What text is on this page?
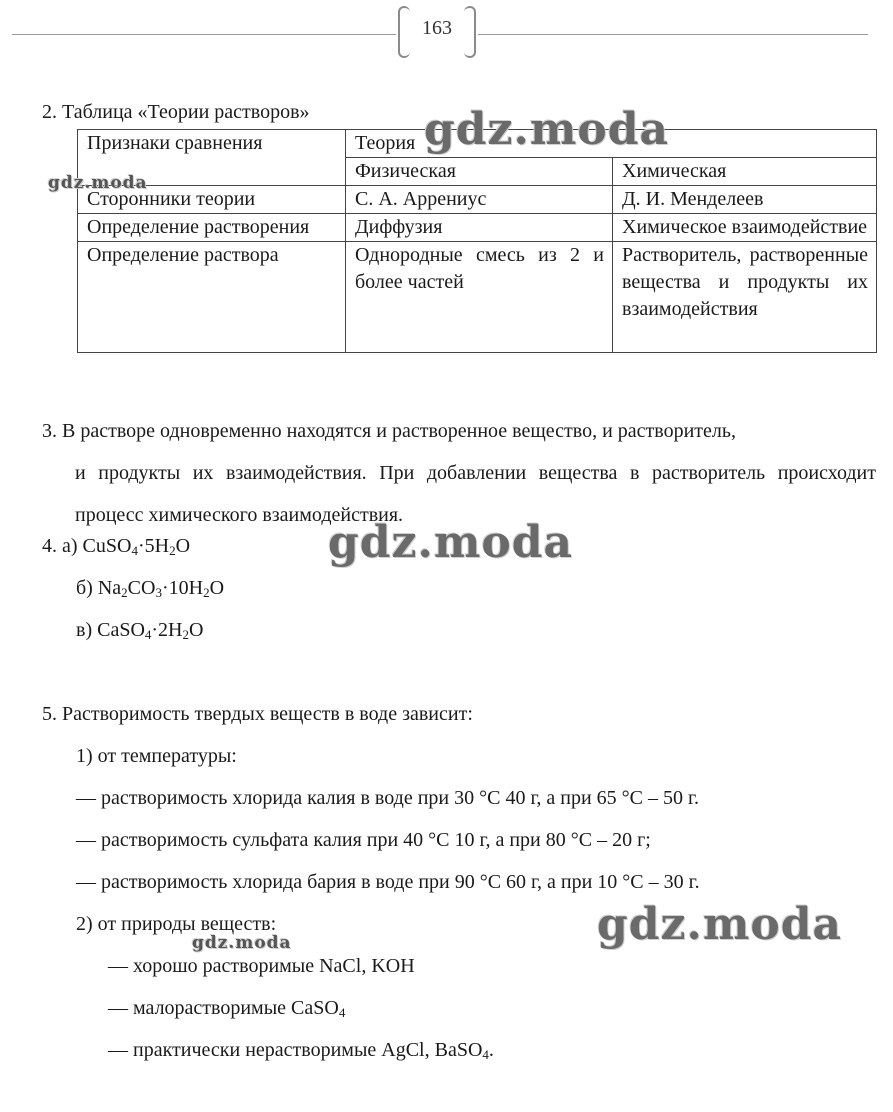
163
2. Таблица «Теории растворов»
Признаки сравнения	Теория	
	Физическая	Химическая
Сторонники теории	С. А. Аррениус	Д. И. Менделеев
Определение растворения	Диффузия	Химическое взаимодействие
Определение раствора	Однородные смесь из 2 и более частей	Растворитель, растворенные вещества и продукты их взаимодействия
3. В растворе одновременно находятся и растворенное вещество, и растворитель,
и продукты их взаимодействия. При добавлении вещества в растворитель происходит процесс химического взаимодействия.
4. а) $CuSO_4\cdot 5H_2O$
б) $Na_2CO_3\cdot 10H_2O$
в) $CaSO_4\cdot 2H_2O$
5. Растворимость твердых веществ в воде зависит:
1) от температуры:
— растворимость хлорида калия в воде при 30 °С 40 г, а при 65 °С – 50 г.
— растворимость сульфата калия при 40 °С 10 г, а при 80 °С – 20 г;
— растворимость хлорида бария в воде при 90 °С 60 г, а при 10 °С – 30 г.
2) от природы веществ:
— хорошо растворимые NaCl, KOH
— малорастворимые CaSO$_4$
— практически нерастворимые AgCl, BaSO$_4$.
gdz.moda
gdz.moda
gdz.moda
gdz.moda
gdz.moda
